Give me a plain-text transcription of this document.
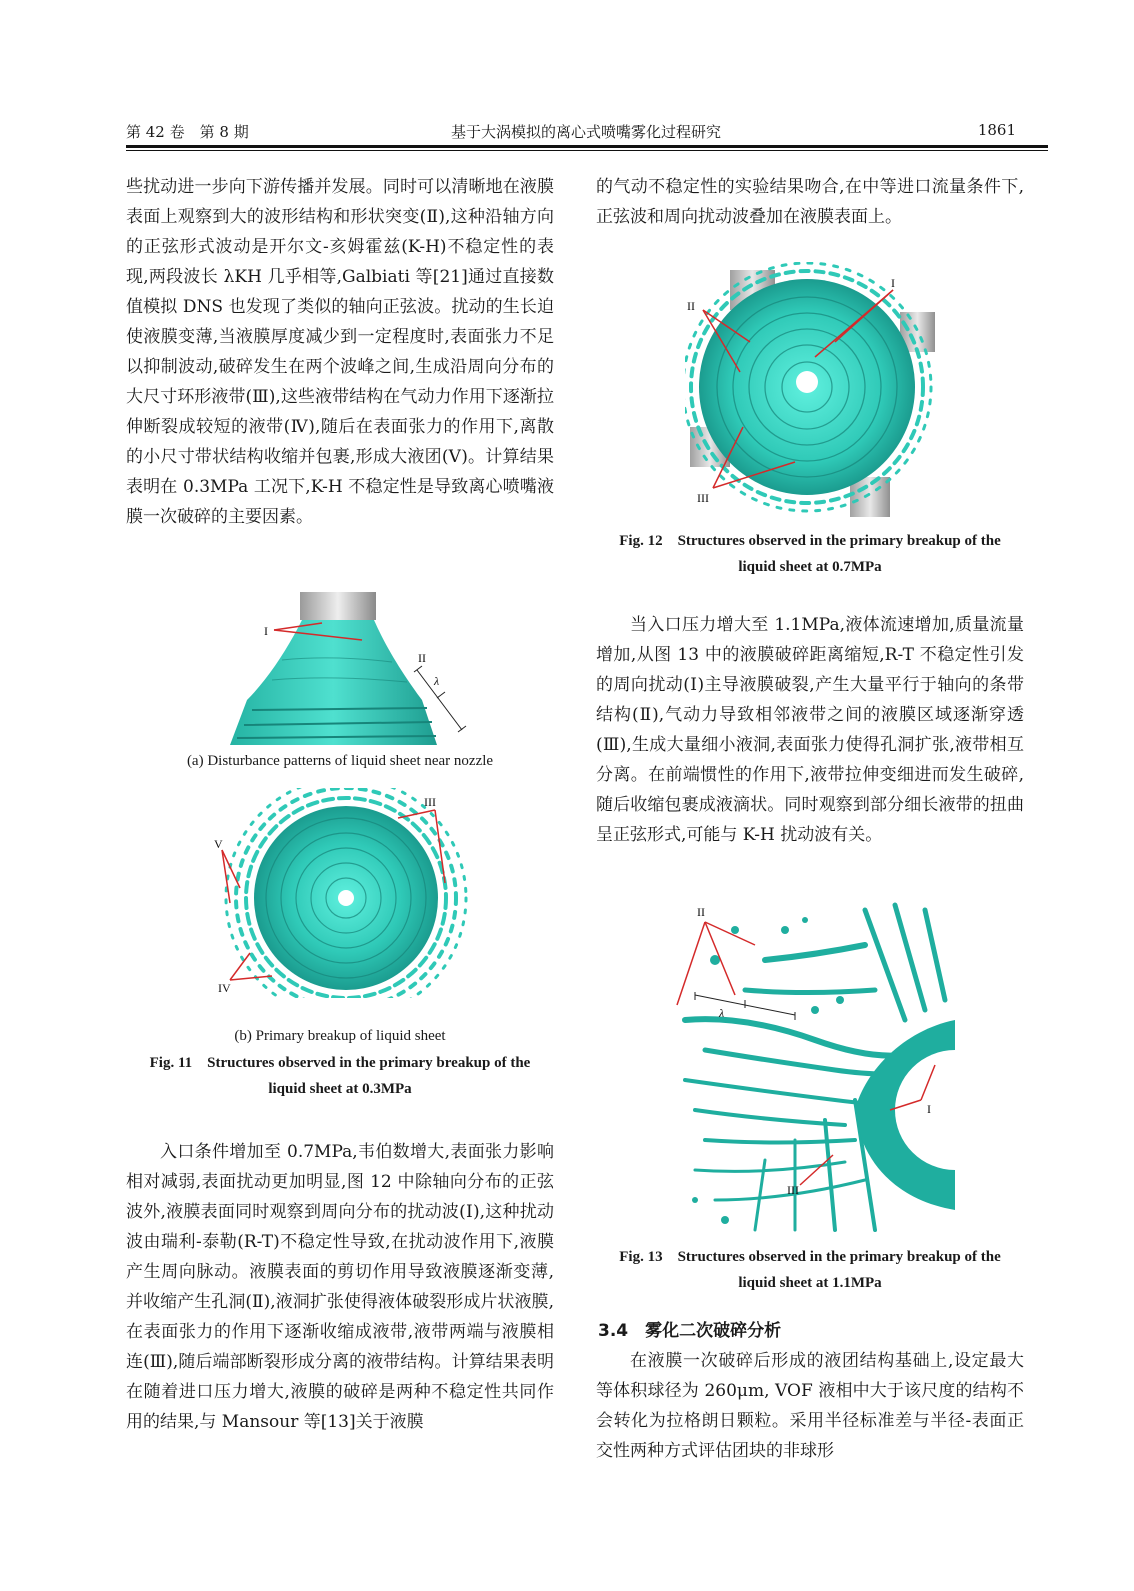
第 42 卷　第 8 期	基于大涡模拟的离心式喷嘴雾化过程研究	1861

些扰动进一步向下游传播并发展。同时可以清晰地在液膜表面上观察到大的波形结构和形状突变(Ⅱ),这种沿轴方向的正弦形式波动是开尔文-亥姆霍兹(K-H)不稳定性的表现,两段波长 λKH 几乎相等,Galbiati 等[21]通过直接数值模拟 DNS 也发现了类似的轴向正弦波。扰动的生长迫使液膜变薄,当液膜厚度减少到一定程度时,表面张力不足以抑制波动,破碎发生在两个波峰之间,生成沿周向分布的大尺寸环形液带(Ⅲ),这些液带结构在气动力作用下逐渐拉伸断裂成较短的液带(Ⅳ),随后在表面张力的作用下,离散的小尺寸带状结构收缩并包裹,形成大液团(Ⅴ)。计算结果表明在 0.3MPa 工况下,K-H 不稳定性是导致离心喷嘴液膜一次破碎的主要因素。

入口条件增加至 0.7MPa,韦伯数增大,表面张力影响相对减弱,表面扰动更加明显,图 12 中除轴向分布的正弦波外,液膜表面同时观察到周向分布的扰动波(Ⅰ),这种扰动波由瑞利-泰勒(R-T)不稳定性导致,在扰动波作用下,液膜产生周向脉动。液膜表面的剪切作用导致液膜逐渐变薄,并收缩产生孔洞(Ⅱ),液洞扩张使得液体破裂形成片状液膜,在表面张力的作用下逐渐收缩成液带,液带两端与液膜相连(Ⅲ),随后端部断裂形成分离的液带结构。计算结果表明在随着进口压力增大,液膜的破碎是两种不稳定性共同作用的结果,与 Mansour 等[13]关于液膜

的气动不稳定性的实验结果吻合,在中等进口流量条件下,正弦波和周向扰动波叠加在液膜表面上。

当入口压力增大至 1.1MPa,液体流速增加,质量流量增加,从图 13 中的液膜破碎距离缩短,R-T 不稳定性引发的周向扰动(Ⅰ)主导液膜破裂,产生大量平行于轴向的条带结构(Ⅱ),气动力导致相邻液带之间的液膜区域逐渐穿透(Ⅲ),生成大量细小液洞,表面张力使得孔洞扩张,液带相互分离。在前端惯性的作用下,液带拉伸变细进而发生破碎,随后收缩包裹成液滴状。同时观察到部分细长液带的扭曲呈正弦形式,可能与 K-H 扰动波有关。

3.4　雾化二次破碎分析

在液膜一次破碎后形成的液团结构基础上,设定最大等体积球径为 260μm, VOF 液相中大于该尺度的结构不会转化为拉格朗日颗粒。采用半径标准差与半径-表面正交性两种方式评估团块的非球形

I
II
λ
(a) Disturbance patterns of liquid sheet near nozzle
III
V
IV
(b) Primary breakup of liquid sheet
Fig. 11　Structures observed in the primary breakup of the
liquid sheet at 0.3MPa
I
II
III
Fig. 12　Structures observed in the primary breakup of the
liquid sheet at 0.7MPa
II
λ
I
III
Fig. 13　Structures observed in the primary breakup of the
liquid sheet at 1.1MPa
